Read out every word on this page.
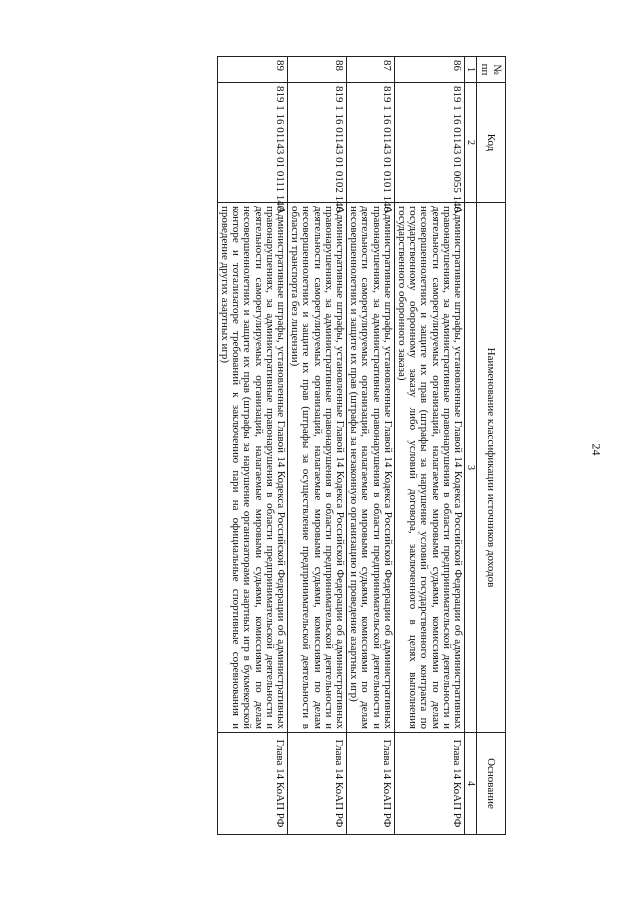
24
№ пп	Код	Наименование классификации источников доходов	Основание
1	2	3	4
86	819 1 16 01143 01 0055 140	Административные штрафы, установленные Главой 14 Кодекса Российской Федерации об административных правонарушениях, за административные правонарушения в области предпринимательской деятельности и деятельности саморегулируемых организаций, налагаемые мировыми судьями, комиссиями по делам несовершеннолетних и защите их прав (штрафы за нарушение условий государственного контракта по государственному оборонному заказу либо условий договора, заключенного в целях выполнения государственного оборонного заказа)	Глава 14 КоАП РФ
87	819 1 16 01143 01 0101 140	Административные штрафы, установленные Главой 14 Кодекса Российской Федерации об административных правонарушениях, за административные правонарушения в области предпринимательской деятельности и деятельности саморегулируемых организаций, налагаемые мировыми судьями, комиссиями по делам несовершеннолетних и защите их прав (штрафы за незаконную организацию и проведение азартных игр)	Глава 14 КоАП РФ
88	819 1 16 01143 01 0102 140	Административные штрафы, установленные Главой 14 Кодекса Российской Федерации об административных правонарушениях, за административные правонарушения в области предпринимательской деятельности и деятельности саморегулируемых организаций, налагаемые мировыми судьями, комиссиями по делам несовершеннолетних и защите их прав (штрафы за осуществление предпринимательской деятельности в области транспорта без лицензии)	Глава 14 КоАП РФ
89	819 1 16 01143 01 0111 140	Административные штрафы, установленные Главой 14 Кодекса Российской Федерации об административных правонарушениях, за административные правонарушения в области предпринимательской деятельности и деятельности саморегулируемых организаций, налагаемые мировыми судьями, комиссиями по делам несовершеннолетних и защите их прав (штрафы за нарушение организаторами азартных игр в букмекерской конторе и тотализаторе требований к заключению пари на официальные спортивные соревнования и проведение других азартных игр)	Глава 14 КоАП РФ
